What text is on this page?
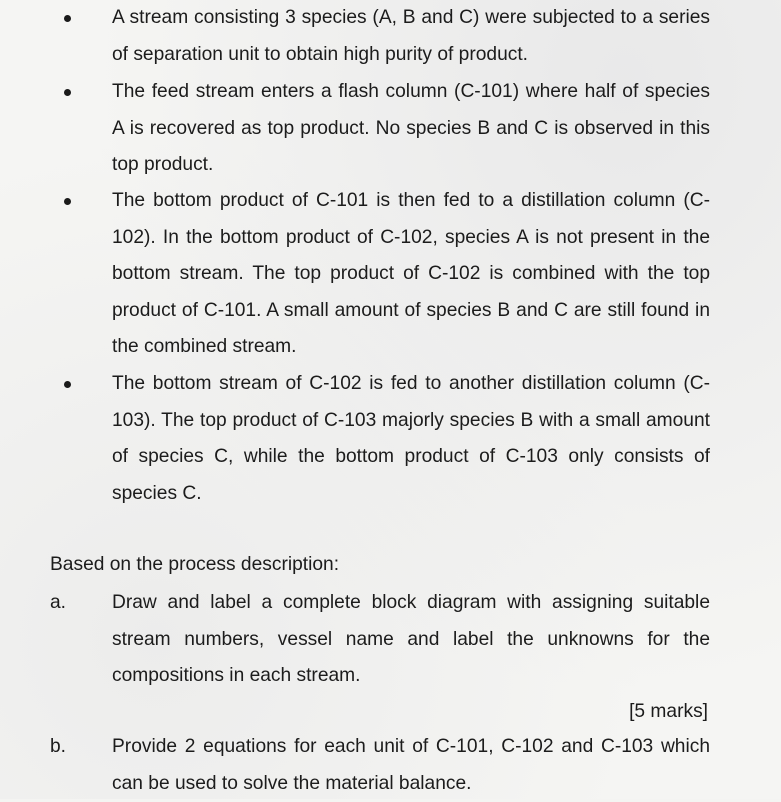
A stream consisting 3 species (A, B and C) were subjected to a series of separation unit to obtain high purity of product.

The feed stream enters a flash column (C-101) where half of species A is recovered as top product. No species B and C is observed in this top product.

The bottom product of C-101 is then fed to a distillation column (C-102). In the bottom product of C-102, species A is not present in the bottom stream. The top product of C-102 is combined with the top product of C-101. A small amount of species B and C are still found in the combined stream.

The bottom stream of C-102 is fed to another distillation column (C-103). The top product of C-103 majorly species B with a small amount of species C, while the bottom product of C-103 only consists of species C.

Based on the process description:

a. Draw and label a complete block diagram with assigning suitable stream numbers, vessel name and label the unknowns for the compositions in each stream.

[5 marks]
b. Provide 2 equations for each unit of C-101, C-102 and C-103 which can be used to solve the material balance.
